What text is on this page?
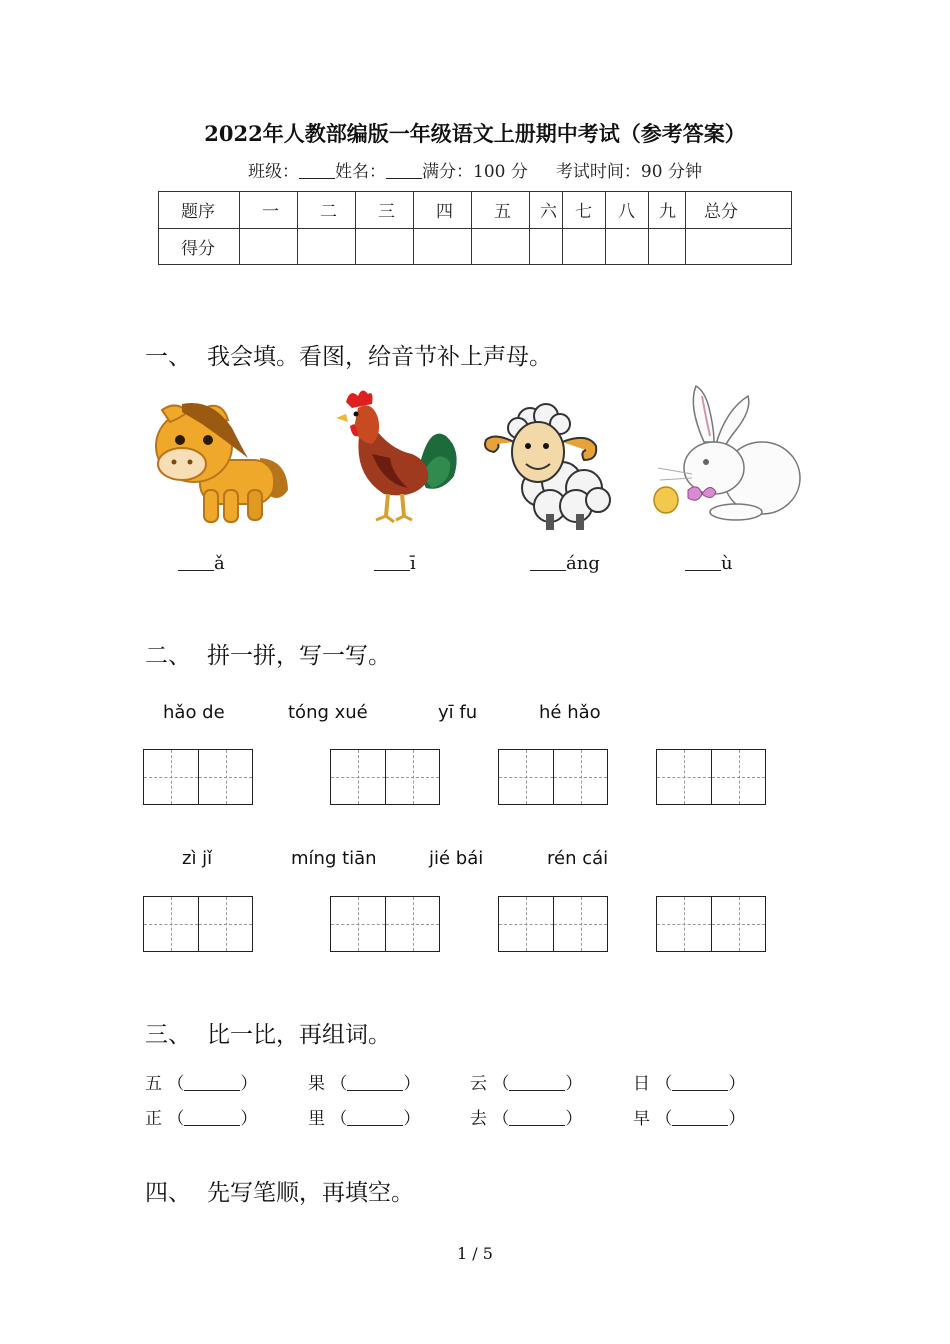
2022年人教部编版一年级语文上册期中考试（参考答案）
班级： 姓名： 满分：100 分 考试时间：90 分钟
题序	一	二	三	四	五	六	七	八	九	总分
得分										
一、 我会填。看图，给音节补上声母。
ǎ	ī	áng	ù
二、 拼一拼，写一写。
hǎo de	tóng xué	yī fu	hé hǎo
zì jǐ	míng tiān	jié bái	rén cái
三、 比一比，再组词。
五 （	）	果 （	）	云 （	）	日 （	）
正 （	）	里 （	）	去 （	）	早 （	）
四、 先写笔顺，再填空。
1 / 5
